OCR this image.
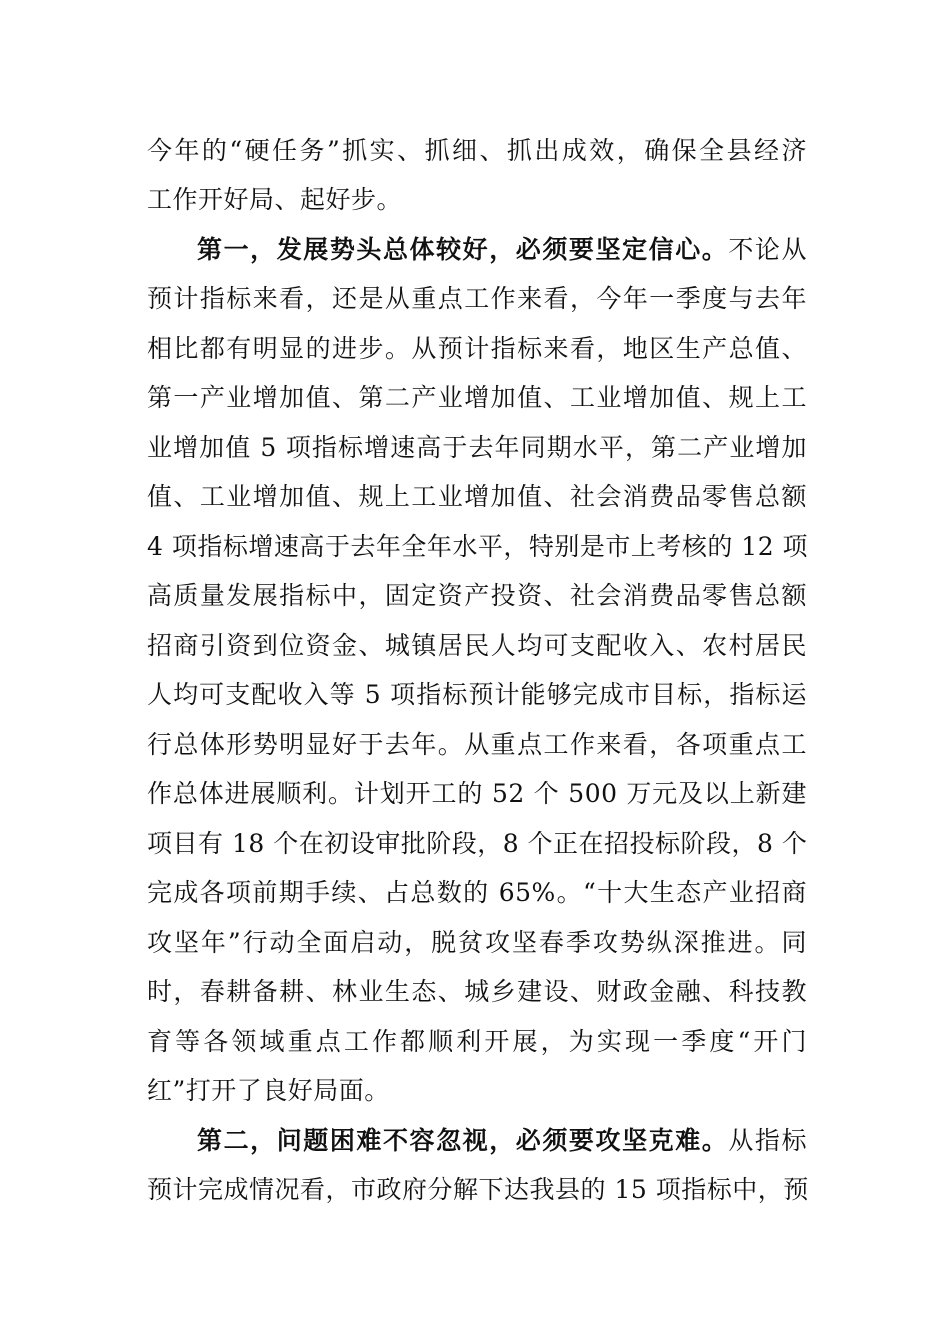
今年的“硬任务”抓实、抓细、抓出成效，确保全县经济
工作开好局、起好步。
第一，发展势头总体较好，必须要坚定信心。不论从
预计指标来看，还是从重点工作来看，今年一季度与去年
相比都有明显的进步。从预计指标来看，地区生产总值、
第一产业增加值、第二产业增加值、工业增加值、规上工
业增加值 5 项指标增速高于去年同期水平，第二产业增加
值、工业增加值、规上工业增加值、社会消费品零售总额
4 项指标增速高于去年全年水平，特别是市上考核的 12 项
高质量发展指标中，固定资产投资、社会消费品零售总额
招商引资到位资金、城镇居民人均可支配收入、农村居民
人均可支配收入等 5 项指标预计能够完成市目标，指标运
行总体形势明显好于去年。从重点工作来看，各项重点工
作总体进展顺利。计划开工的 52 个 500 万元及以上新建
项目有 18 个在初设审批阶段，8 个正在招投标阶段，8 个
完成各项前期手续、占总数的 65%。“十大生态产业招商
攻坚年”行动全面启动，脱贫攻坚春季攻势纵深推进。同
时，春耕备耕、林业生态、城乡建设、财政金融、科技教
育等各领域重点工作都顺利开展，为实现一季度“开门
红”打开了良好局面。
第二，问题困难不容忽视，必须要攻坚克难。从指标
预计完成情况看，市政府分解下达我县的 15 项指标中，预
